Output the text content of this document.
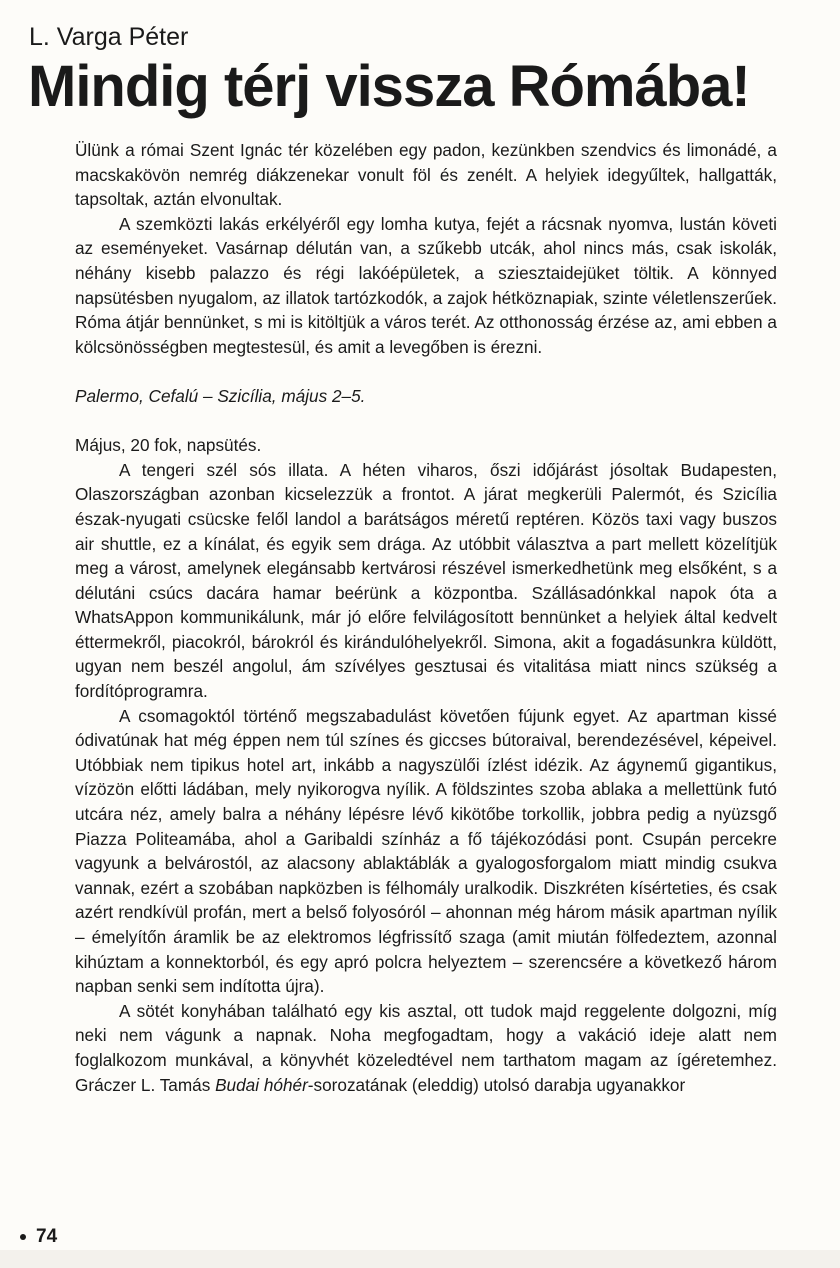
L. Varga Péter
Mindig térj vissza Rómába!

Ülünk a római Szent Ignác tér közelében egy padon, kezünkben szendvics és limonádé, a macskakövön nemrég diákzenekar vonult föl és zenélt. A helyiek idegyűltek, hallgatták, tapsoltak, aztán elvonultak.

A szemközti lakás erkélyéről egy lomha kutya, fejét a rácsnak nyomva, lustán követi az eseményeket. Vasárnap délután van, a szűkebb utcák, ahol nincs más, csak iskolák, néhány kisebb palazzo és régi lakóépületek, a sziesztaidejüket töltik. A könnyed napsütésben nyugalom, az illatok tartózkodók, a zajok hétköznapiak, szinte véletlenszerűek. Róma átjár bennünket, s mi is kitöltjük a város terét. Az otthonosság érzése az, ami ebben a kölcsönösségben megtestesül, és amit a levegőben is érezni.

Palermo, Cefalú – Szicília, május 2–5.

Május, 20 fok, napsütés.

A tengeri szél sós illata. A héten viharos, őszi időjárást jósoltak Budapesten, Olaszországban azonban kicselezzük a frontot. A járat megkerüli Palermót, és Szicília észak-nyugati csücske felől landol a barátságos méretű reptéren. Közös taxi vagy buszos air shuttle, ez a kínálat, és egyik sem drága. Az utóbbit választva a part mellett közelítjük meg a várost, amelynek elegánsabb kertvárosi részével ismerkedhetünk meg elsőként, s a délutáni csúcs dacára hamar beérünk a központba. Szállásadónkkal napok óta a WhatsAppon kommunikálunk, már jó előre felvilágosított bennünket a helyiek által kedvelt éttermekről, piacokról, bárokról és kirándulóhelyekről. Simona, akit a fogadásunkra küldött, ugyan nem beszél angolul, ám szívélyes gesztusai és vitalitása miatt nincs szükség a fordítóprogramra.

A csomagoktól történő megszabadulást követően fújunk egyet. Az apartman kissé ódivatúnak hat még éppen nem túl színes és giccses bútoraival, berendezésével, képeivel. Utóbbiak nem tipikus hotel art, inkább a nagyszülői ízlést idézik. Az ágynemű gigantikus, vízözön előtti ládában, mely nyikorogva nyílik. A földszintes szoba ablaka a mellettünk futó utcára néz, amely balra a néhány lépésre lévő kikötőbe torkollik, jobbra pedig a nyüzsgő Piazza Politeamába, ahol a Garibaldi színház a fő tájékozódási pont. Csupán percekre vagyunk a belvárostól, az alacsony ablaktáblák a gyalogosforgalom miatt mindig csukva vannak, ezért a szobában napközben is félhomály uralkodik. Diszkréten kísérteties, és csak azért rendkívül profán, mert a belső folyosóról – ahonnan még három másik apartman nyílik – émelyítőn áramlik be az elektromos légfrissítő szaga (amit miután fölfedeztem, azonnal kihúztam a konnektorból, és egy apró polcra helyeztem – szerencsére a következő három napban senki sem indította újra).

A sötét konyhában található egy kis asztal, ott tudok majd reggelente dolgozni, míg neki nem vágunk a napnak. Noha megfogadtam, hogy a vakáció ideje alatt nem foglalkozom munkával, a könyvhét közeledtével nem tarthatom magam az ígéretemhez. Gráczer L. Tamás Budai hóhér-sorozatának (eleddig) utolsó darabja ugyanakkor

74
